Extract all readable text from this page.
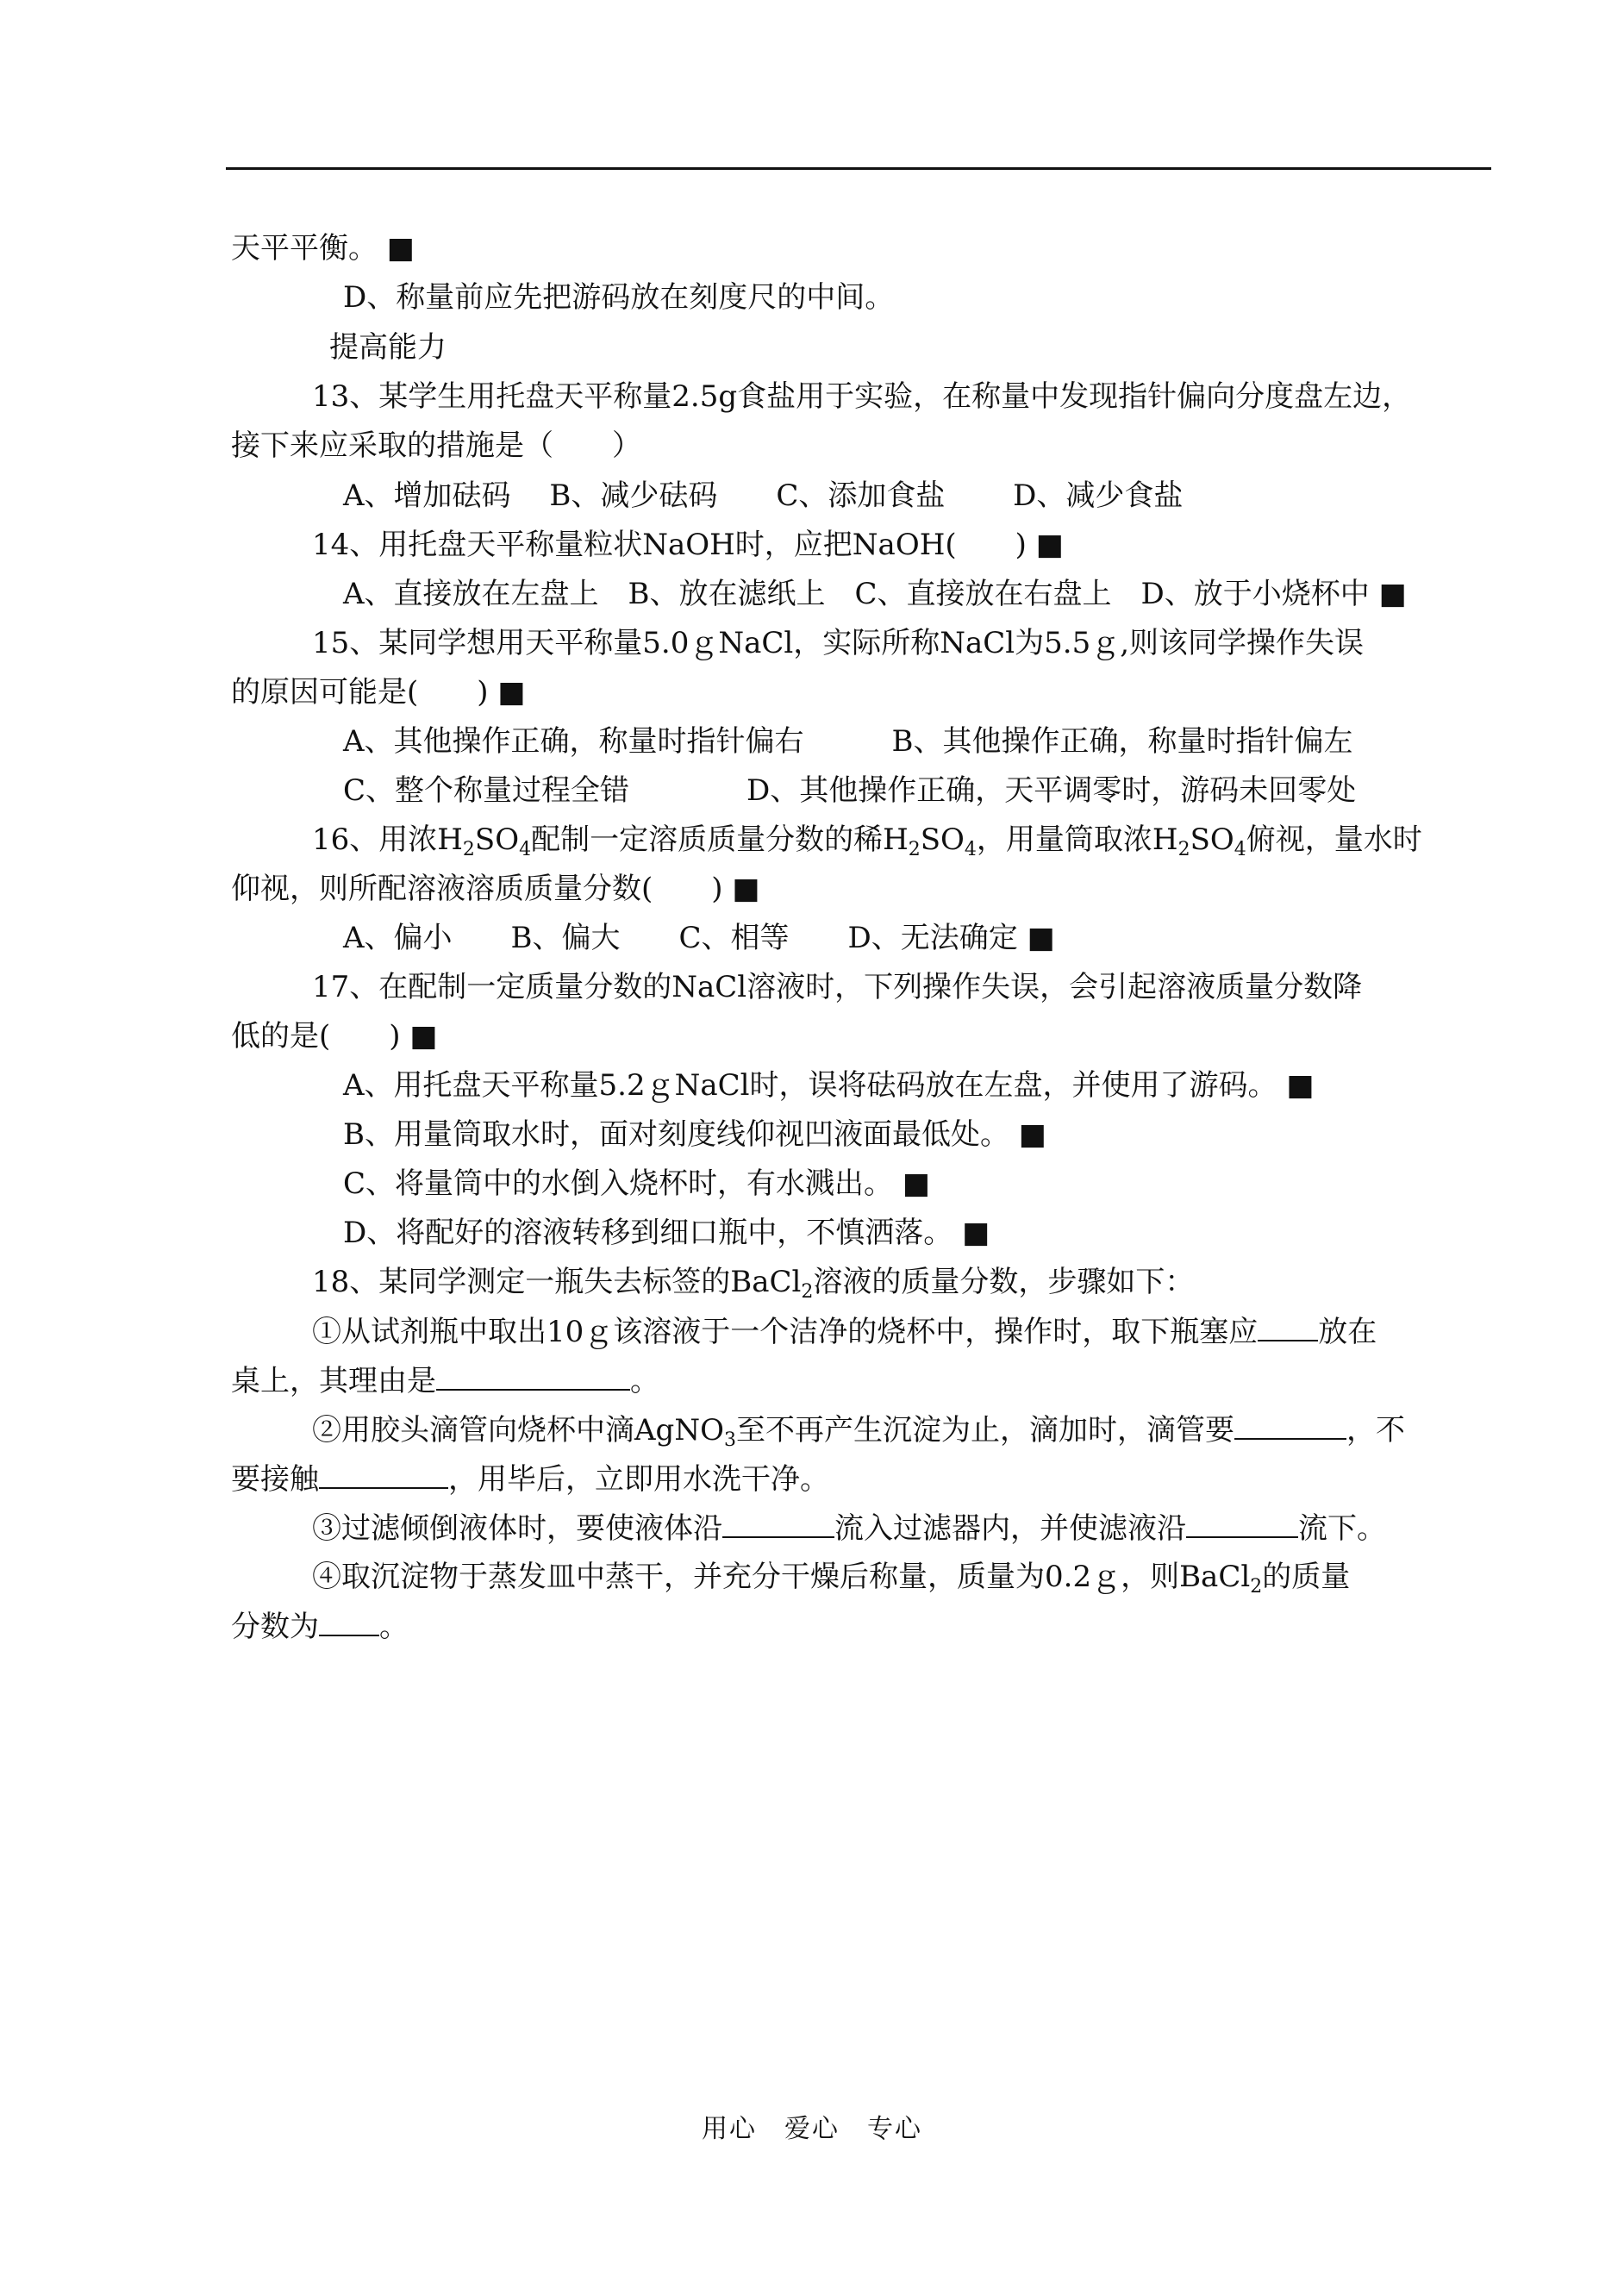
天平平衡。 ■
D、称量前应先把游码放在刻度尺的中间。
提高能力
13、某学生用托盘天平称量2.5g食盐用于实验，在称量中发现指针偏向分度盘左边，
接下来应采取的措施是（　　）
A、增加砝码　 B、减少砝码　　C、添加食盐　　 D、减少食盐
14、用托盘天平称量粒状NaOH时，应把NaOH(　　) ■
A、直接放在左盘上　B、放在滤纸上　C、直接放在右盘上　D、放于小烧杯中 ■
15、某同学想用天平称量5.0ｇNaCl，实际所称NaCl为5.5ｇ,则该同学操作失误
的原因可能是(　　) ■
A、其他操作正确，称量时指针偏右　　　B、其他操作正确，称量时指针偏左
C、整个称量过程全错　　　　D、其他操作正确，天平调零时，游码未回零处
16、用浓$H_2SO_4$配制一定溶质质量分数的稀$H_2SO_4$，用量筒取浓$H_2SO_4$俯视，量水时
仰视，则所配溶液溶质质量分数(　　) ■
A、偏小　　B、偏大　　C、相等　　D、无法确定 ■
17、在配制一定质量分数的NaCl溶液时，下列操作失误，会引起溶液质量分数降
低的是(　　) ■
A、用托盘天平称量5.2ｇNaCl时，误将砝码放在左盘，并使用了游码。 ■
B、用量筒取水时，面对刻度线仰视凹液面最低处。 ■
C、将量筒中的水倒入烧杯时，有水溅出。 ■
D、将配好的溶液转移到细口瓶中，不慎洒落。 ■
18、某同学测定一瓶失去标签的BaCl$_2$溶液的质量分数，步骤如下：
①从试剂瓶中取出10ｇ该溶液于一个洁净的烧杯中，操作时，取下瓶塞应 放在
桌上，其理由是	。
②用胶头滴管向烧杯中滴AgNO$_3$至不再产生沉淀为止，滴加时，滴管要	，不
要接触	，用毕后，立即用水洗干净。
③过滤倾倒液体时，要使液体沿	流入过滤器内，并使滤液沿	流下。
④取沉淀物于蒸发皿中蒸干，并充分干燥后称量，质量为0.2ｇ，则BaCl$_2$的质量
分数为 。
用心　爱心　专心
